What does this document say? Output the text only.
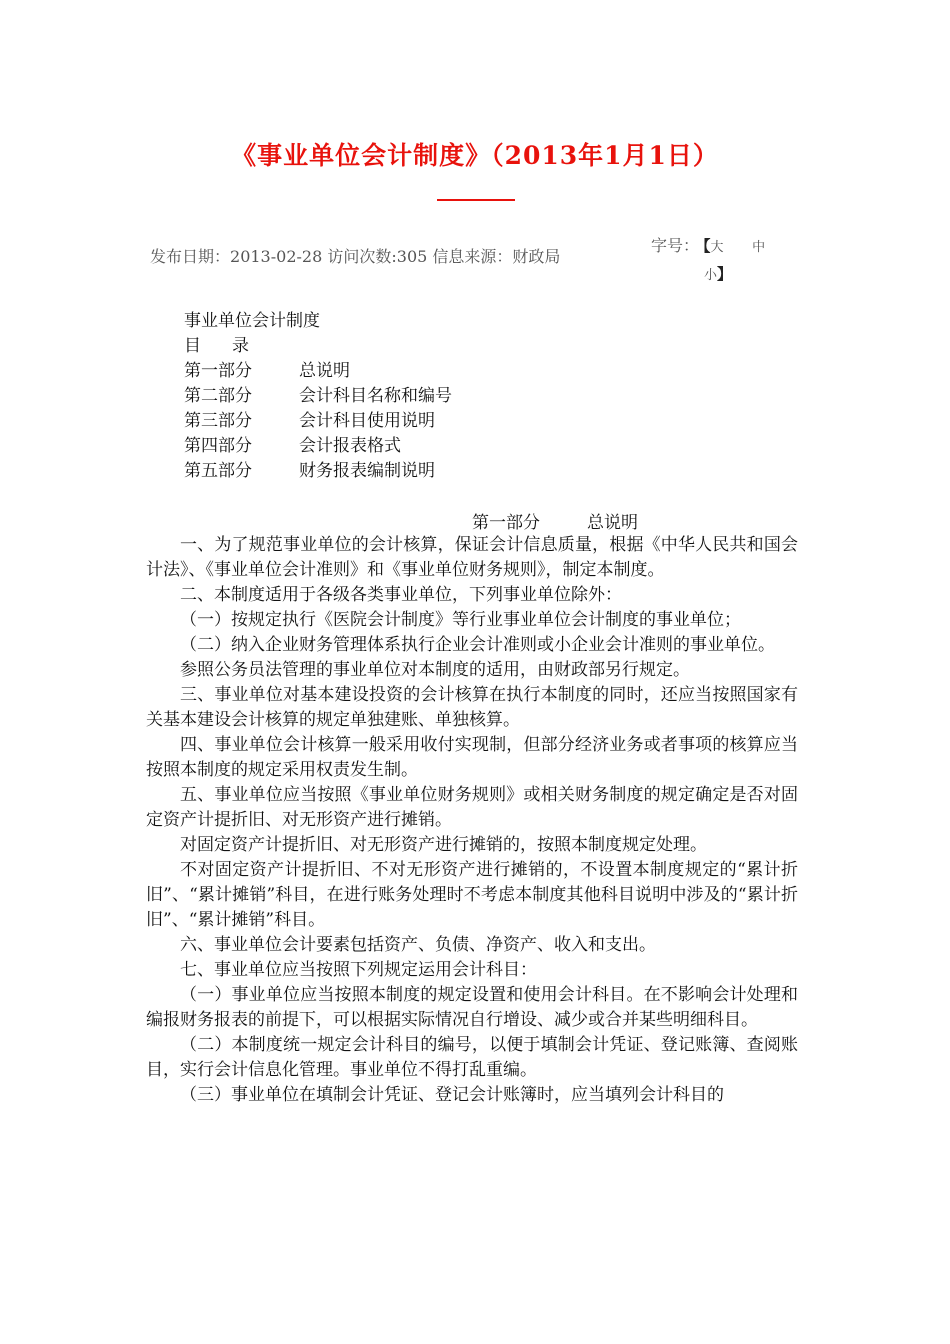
《事业单位会计制度》（2013年1月1日）
发布日期：2013-02-28 访问次数:305 信息来源：财政局
字号： 【大 中
小】
事业单位会计制度
目 录
第一部分	总说明
第二部分	会计科目名称和编号
第三部分	会计科目使用说明
第四部分	会计报表格式
第五部分	财务报表编制说明
第一部分	总说明

一、为了规范事业单位的会计核算，保证会计信息质量，根据《中华人民共和国会计法》、《事业单位会计准则》和《事业单位财务规则》，制定本制度。

二、本制度适用于各级各类事业单位，下列事业单位除外：

（一）按规定执行《医院会计制度》等行业事业单位会计制度的事业单位；

（二）纳入企业财务管理体系执行企业会计准则或小企业会计准则的事业单位。

参照公务员法管理的事业单位对本制度的适用，由财政部另行规定。

三、事业单位对基本建设投资的会计核算在执行本制度的同时，还应当按照国家有关基本建设会计核算的规定单独建账、单独核算。

四、事业单位会计核算一般采用收付实现制，但部分经济业务或者事项的核算应当按照本制度的规定采用权责发生制。

五、事业单位应当按照《事业单位财务规则》或相关财务制度的规定确定是否对固定资产计提折旧、对无形资产进行摊销。

对固定资产计提折旧、对无形资产进行摊销的，按照本制度规定处理。

不对固定资产计提折旧、不对无形资产进行摊销的，不设置本制度规定的“累计折旧”、“累计摊销”科目，在进行账务处理时不考虑本制度其他科目说明中涉及的“累计折旧”、“累计摊销”科目。

六、事业单位会计要素包括资产、负债、净资产、收入和支出。

七、事业单位应当按照下列规定运用会计科目：

（一）事业单位应当按照本制度的规定设置和使用会计科目。在不影响会计处理和编报财务报表的前提下，可以根据实际情况自行增设、减少或合并某些明细科目。

（二）本制度统一规定会计科目的编号，以便于填制会计凭证、登记账簿、查阅账目，实行会计信息化管理。事业单位不得打乱重编。

（三）事业单位在填制会计凭证、登记会计账簿时，应当填列会计科目的
